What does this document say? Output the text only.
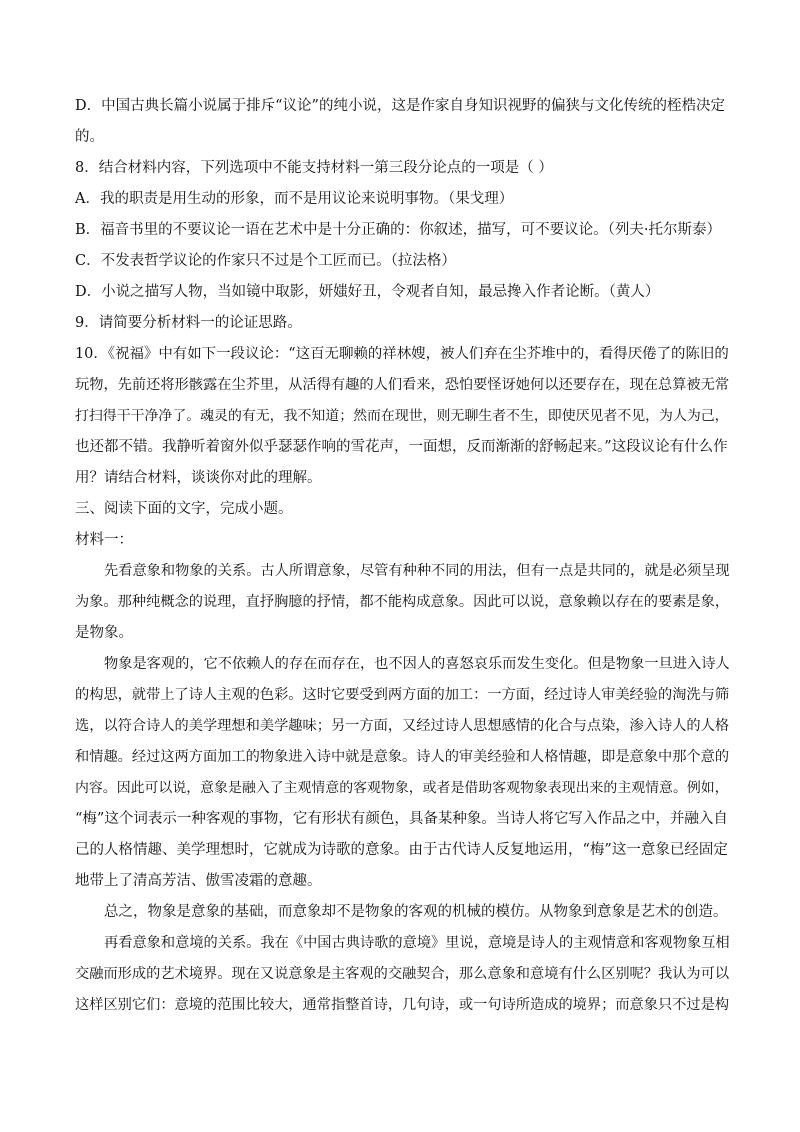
D．中国古典长篇小说属于排斥“议论”的纯小说，这是作家自身知识视野的偏狭与文化传统的桎梏决定
的。
8．结合材料内容，下列选项中不能支持材料一第三段分论点的一项是（ ）
A．我的职责是用生动的形象，而不是用议论来说明事物。（果戈理）
B．福音书里的不要议论一语在艺术中是十分正确的：你叙述，描写，可不要议论。（列夫·托尔斯泰）
C．不发表哲学议论的作家只不过是个工匠而已。（拉法格）
D．小说之描写人物，当如镜中取影，妍媸好丑，令观者自知，最忌搀入作者论断。（黄人）
9．请简要分析材料一的论证思路。
10．《祝福》中有如下一段议论：“这百无聊赖的祥林嫂，被人们弃在尘芥堆中的，看得厌倦了的陈旧的
玩物，先前还将形骸露在尘芥里，从活得有趣的人们看来，恐怕要怪讶她何以还要存在，现在总算被无常
打扫得干干净净了。魂灵的有无，我不知道；然而在现世，则无聊生者不生，即使厌见者不见，为人为己，
也还都不错。我静听着窗外似乎瑟瑟作响的雪花声，一面想，反而渐渐的舒畅起来。”这段议论有什么作
用？请结合材料，谈谈你对此的理解。
三、阅读下面的文字，完成小题。
材料一：
先看意象和物象的关系。古人所谓意象，尽管有种种不同的用法，但有一点是共同的，就是必须呈现
为象。那种纯概念的说理，直抒胸臆的抒情，都不能构成意象。因此可以说，意象赖以存在的要素是象，
是物象。
物象是客观的，它不依赖人的存在而存在，也不因人的喜怒哀乐而发生变化。但是物象一旦进入诗人
的构思，就带上了诗人主观的色彩。这时它要受到两方面的加工：一方面，经过诗人审美经验的淘洗与筛
选，以符合诗人的美学理想和美学趣味；另一方面，又经过诗人思想感情的化合与点染，渗入诗人的人格
和情趣。经过这两方面加工的物象进入诗中就是意象。诗人的审美经验和人格情趣，即是意象中那个意的
内容。因此可以说，意象是融入了主观情意的客观物象，或者是借助客观物象表现出来的主观情意。例如，
“梅”这个词表示一种客观的事物，它有形状有颜色，具备某种象。当诗人将它写入作品之中，并融入自
己的人格情趣、美学理想时，它就成为诗歌的意象。由于古代诗人反复地运用，“梅”这一意象已经固定
地带上了清高芳洁、傲雪凌霜的意趣。
总之，物象是意象的基础，而意象却不是物象的客观的机械的模仿。从物象到意象是艺术的创造。
再看意象和意境的关系。我在《中国古典诗歌的意境》里说，意境是诗人的主观情意和客观物象互相
交融而形成的艺术境界。现在又说意象是主客观的交融契合，那么意象和意境有什么区别呢？我认为可以
这样区别它们：意境的范围比较大，通常指整首诗，几句诗，或一句诗所造成的境界；而意象只不过是构
